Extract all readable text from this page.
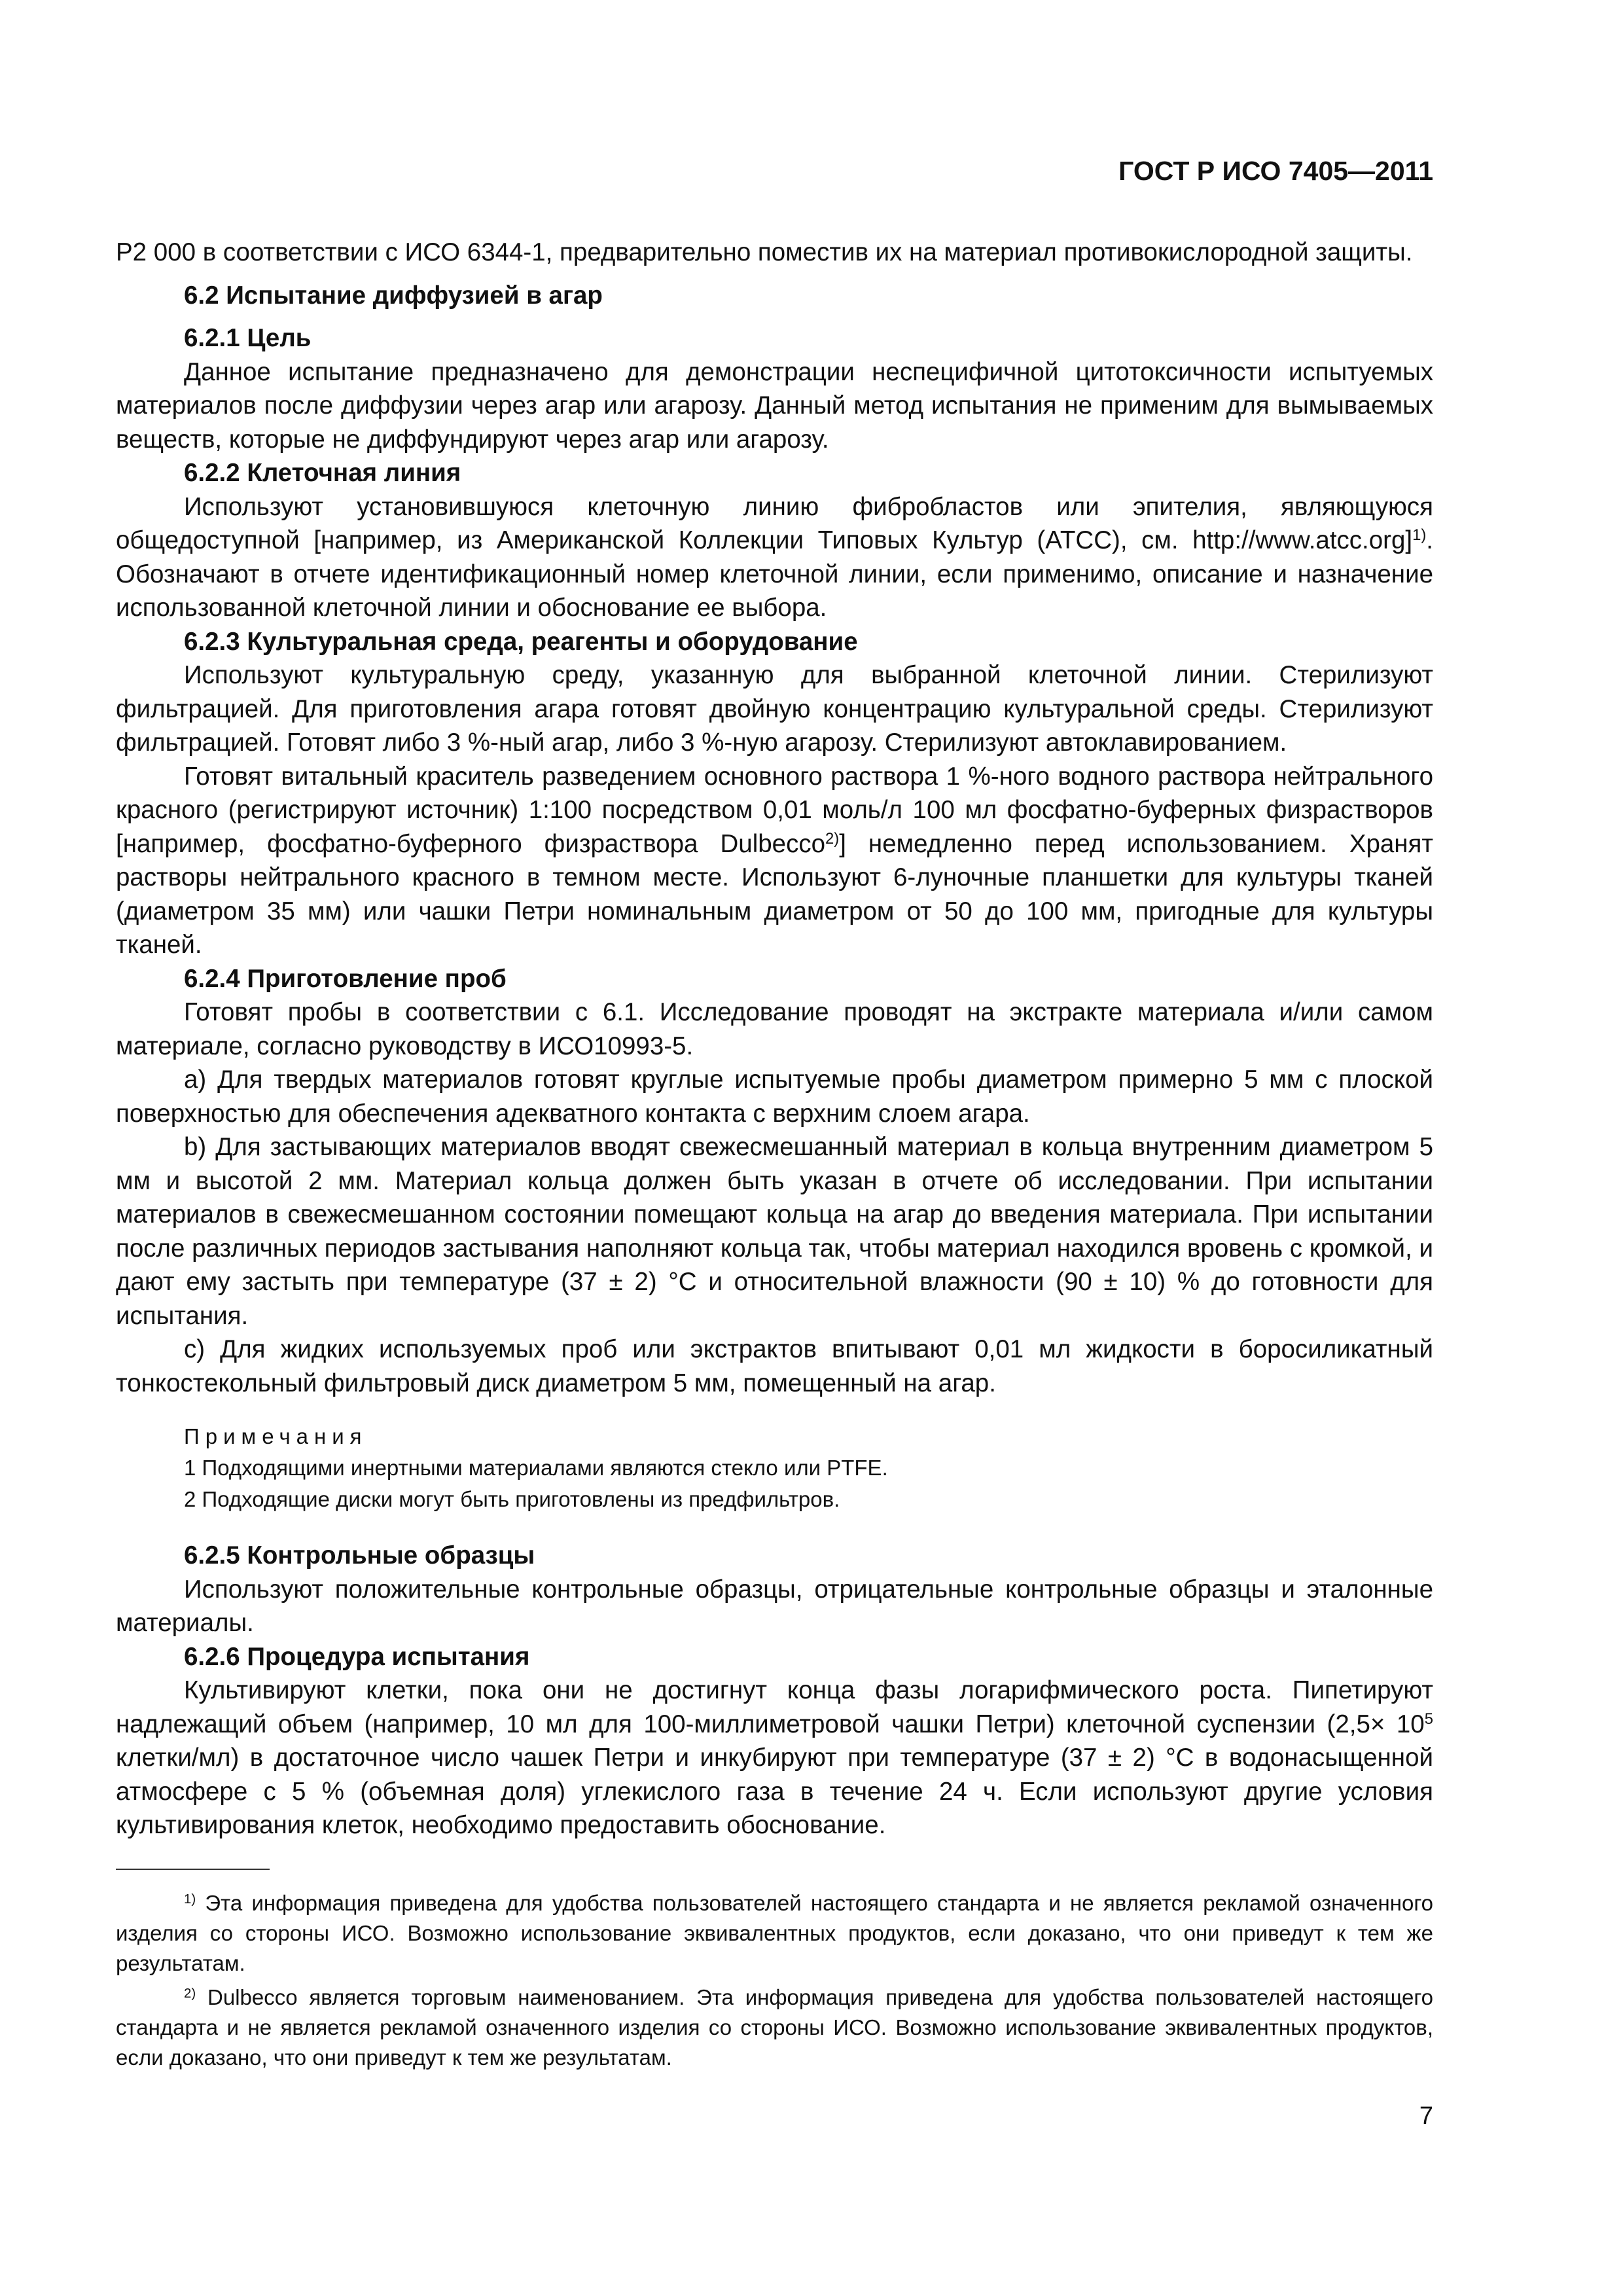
ГОСТ Р ИСО 7405—2011

Р2 000 в соответствии с ИСО 6344-1, предварительно поместив их на материал противокислородной защиты.

6.2 Испытание диффузией в агар
6.2.1 Цель

Данное испытание предназначено для демонстрации неспецифичной цитотоксичности испытуемых материалов после диффузии через агар или агарозу. Данный метод испытания не применим для вымываемых веществ, которые не диффундируют через агар или агарозу.

6.2.2 Клеточная линия

Используют установившуюся клеточную линию фибробластов или эпителия, являющуюся общедоступной [например, из Американской Коллекции Типовых Культур (АТСС), см. http://www.atcc.org]$^{1)}$. Обозначают в отчете идентификационный номер клеточной линии, если применимо, описание и назначение использованной клеточной линии и обоснование ее выбора.

6.2.3 Культуральная среда, реагенты и оборудование

Используют культуральную среду, указанную для выбранной клеточной линии. Стерилизуют фильтрацией. Для приготовления агара готовят двойную концентрацию культуральной среды. Стерилизуют фильтрацией. Готовят либо 3 %-ный агар, либо 3 %-ную агарозу. Стерилизуют автоклавированием.

Готовят витальный краситель разведением основного раствора 1 %-ного водного раствора нейтрального красного (регистрируют источник) 1:100 посредством 0,01 моль/л 100 мл фосфатно-буферных физрастворов [например, фосфатно-буферного физраствора Dulbecco$^{2)}$] немедленно перед использованием. Хранят растворы нейтрального красного в темном месте. Используют 6-луночные планшетки для культуры тканей (диаметром 35 мм) или чашки Петри номинальным диаметром от 50 до 100 мм, пригодные для культуры тканей.

6.2.4 Приготовление проб

Готовят пробы в соответствии с 6.1. Исследование проводят на экстракте материала и/или самом материале, согласно руководству в ИСО10993-5.

a) Для твердых материалов готовят круглые испытуемые пробы диаметром примерно 5 мм с плоской поверхностью для обеспечения адекватного контакта с верхним слоем агара.

b) Для застывающих материалов вводят свежесмешанный материал в кольца внутренним диаметром 5 мм и высотой 2 мм. Материал кольца должен быть указан в отчете об исследовании. При испытании материалов в свежесмешанном состоянии помещают кольца на агар до введения материала. При испытании после различных периодов застывания наполняют кольца так, чтобы материал находился вровень с кромкой, и дают ему застыть при температуре (37 ± 2) °С и относительной влажности (90 ± 10) % до готовности для испытания.

c) Для жидких используемых проб или экстрактов впитывают 0,01 мл жидкости в боросиликатный тонкостекольный фильтровый диск диаметром 5 мм, помещенный на агар.

Примечания
1 Подходящими инертными материалами являются стекло или PTFE.
2 Подходящие диски могут быть приготовлены из предфильтров.
6.2.5 Контрольные образцы

Используют положительные контрольные образцы, отрицательные контрольные образцы и эталонные материалы.

6.2.6 Процедура испытания

Культивируют клетки, пока они не достигнут конца фазы логарифмического роста. Пипетируют надлежащий объем (например, 10 мл для 100-миллиметровой чашки Петри) клеточной суспензии ($2,5\times 10^5$ клетки/мл) в достаточное число чашек Петри и инкубируют при температуре (37 ± 2) °С в водонасыщенной атмосфере с 5 % (объемная доля) углекислого газа в течение 24 ч. Если используют другие условия культивирования клеток, необходимо предоставить обоснование.

$^{1)}$ Эта информация приведена для удобства пользователей настоящего стандарта и не является рекламой означенного изделия со стороны ИСО. Возможно использование эквивалентных продуктов, если доказано, что они приведут к тем же результатам.

$^{2)}$ Dulbecco является торговым наименованием. Эта информация приведена для удобства пользователей настоящего стандарта и не является рекламой означенного изделия со стороны ИСО. Возможно использование эквивалентных продуктов, если доказано, что они приведут к тем же результатам.

7
